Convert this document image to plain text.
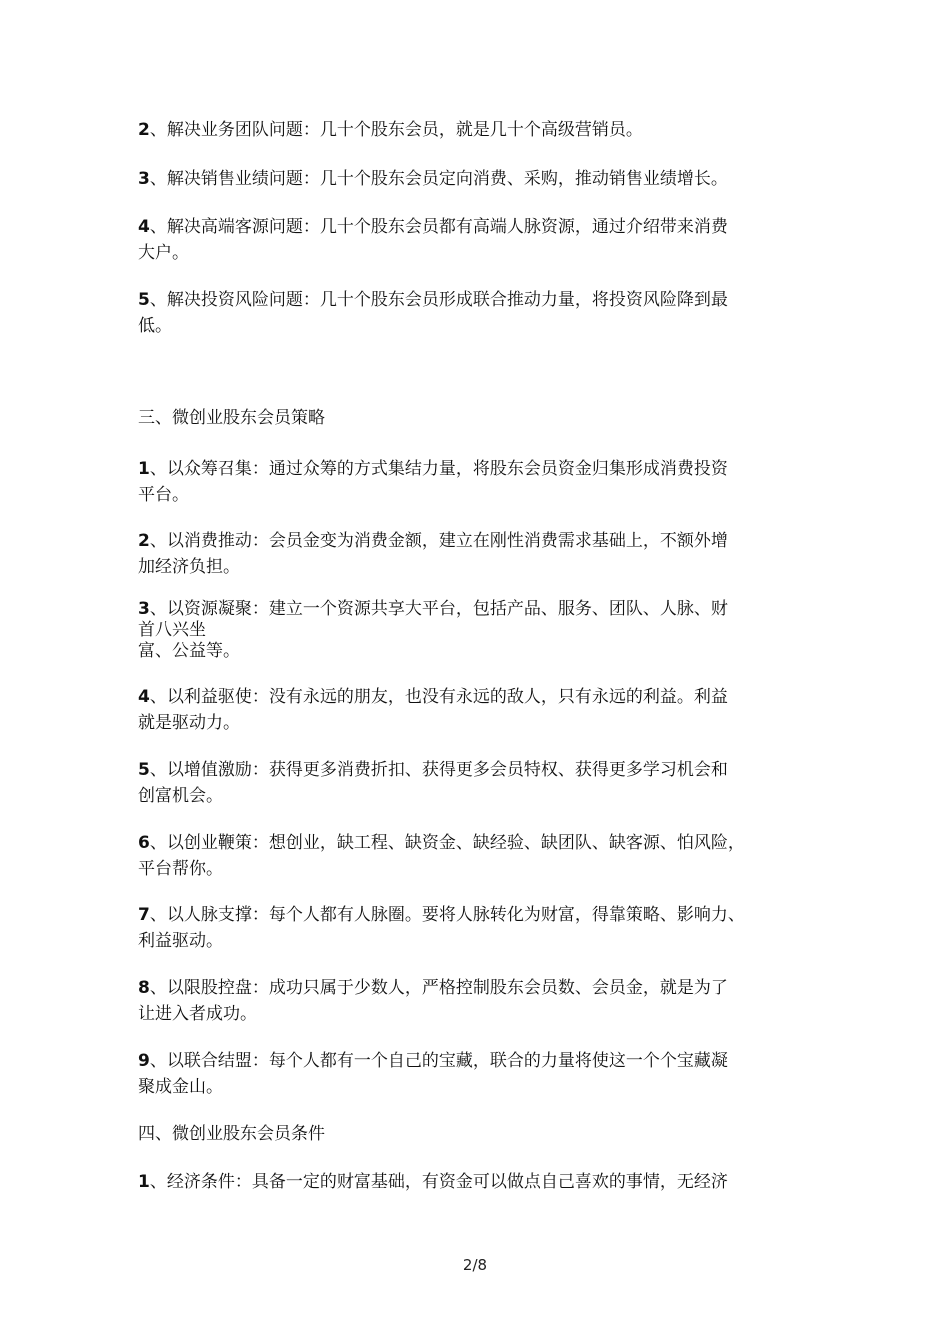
2、解决业务团队问题：几十个股东会员，就是几十个高级营销员。

3、解决销售业绩问题：几十个股东会员定向消费、采购，推动销售业绩增长。

4、解决高端客源问题：几十个股东会员都有高端人脉资源，通过介绍带来消费
大户。

5、解决投资风险问题：几十个股东会员形成联合推动力量，将投资风险降到最
低。

三、微创业股东会员策略

1、以众筹召集：通过众筹的方式集结力量，将股东会员资金归集形成消费投资
平台。

2、以消费推动：会员金变为消费金额，建立在刚性消费需求基础上，不额外增
加经济负担。

3、以资源凝聚：建立一个资源共享大平台，包括产品、服务、团队、人脉、财
首八兴坐
富、公益等。

4、以利益驱使：没有永远的朋友，也没有永远的敌人，只有永远的利益。利益
就是驱动力。

5、以增值激励：获得更多消费折扣、获得更多会员特权、获得更多学习机会和
创富机会。

6、以创业鞭策：想创业，缺工程、缺资金、缺经验、缺团队、缺客源、怕风险，
平台帮你。

7、以人脉支撑：每个人都有人脉圈。要将人脉转化为财富，得靠策略、影响力、
利益驱动。

8、以限股控盘：成功只属于少数人，严格控制股东会员数、会员金，就是为了
让进入者成功。

9、以联合结盟：每个人都有一个自己的宝藏，联合的力量将使这一个个宝藏凝
聚成金山。

四、微创业股东会员条件

1、经济条件：具备一定的财富基础，有资金可以做点自己喜欢的事情，无经济

2/8
